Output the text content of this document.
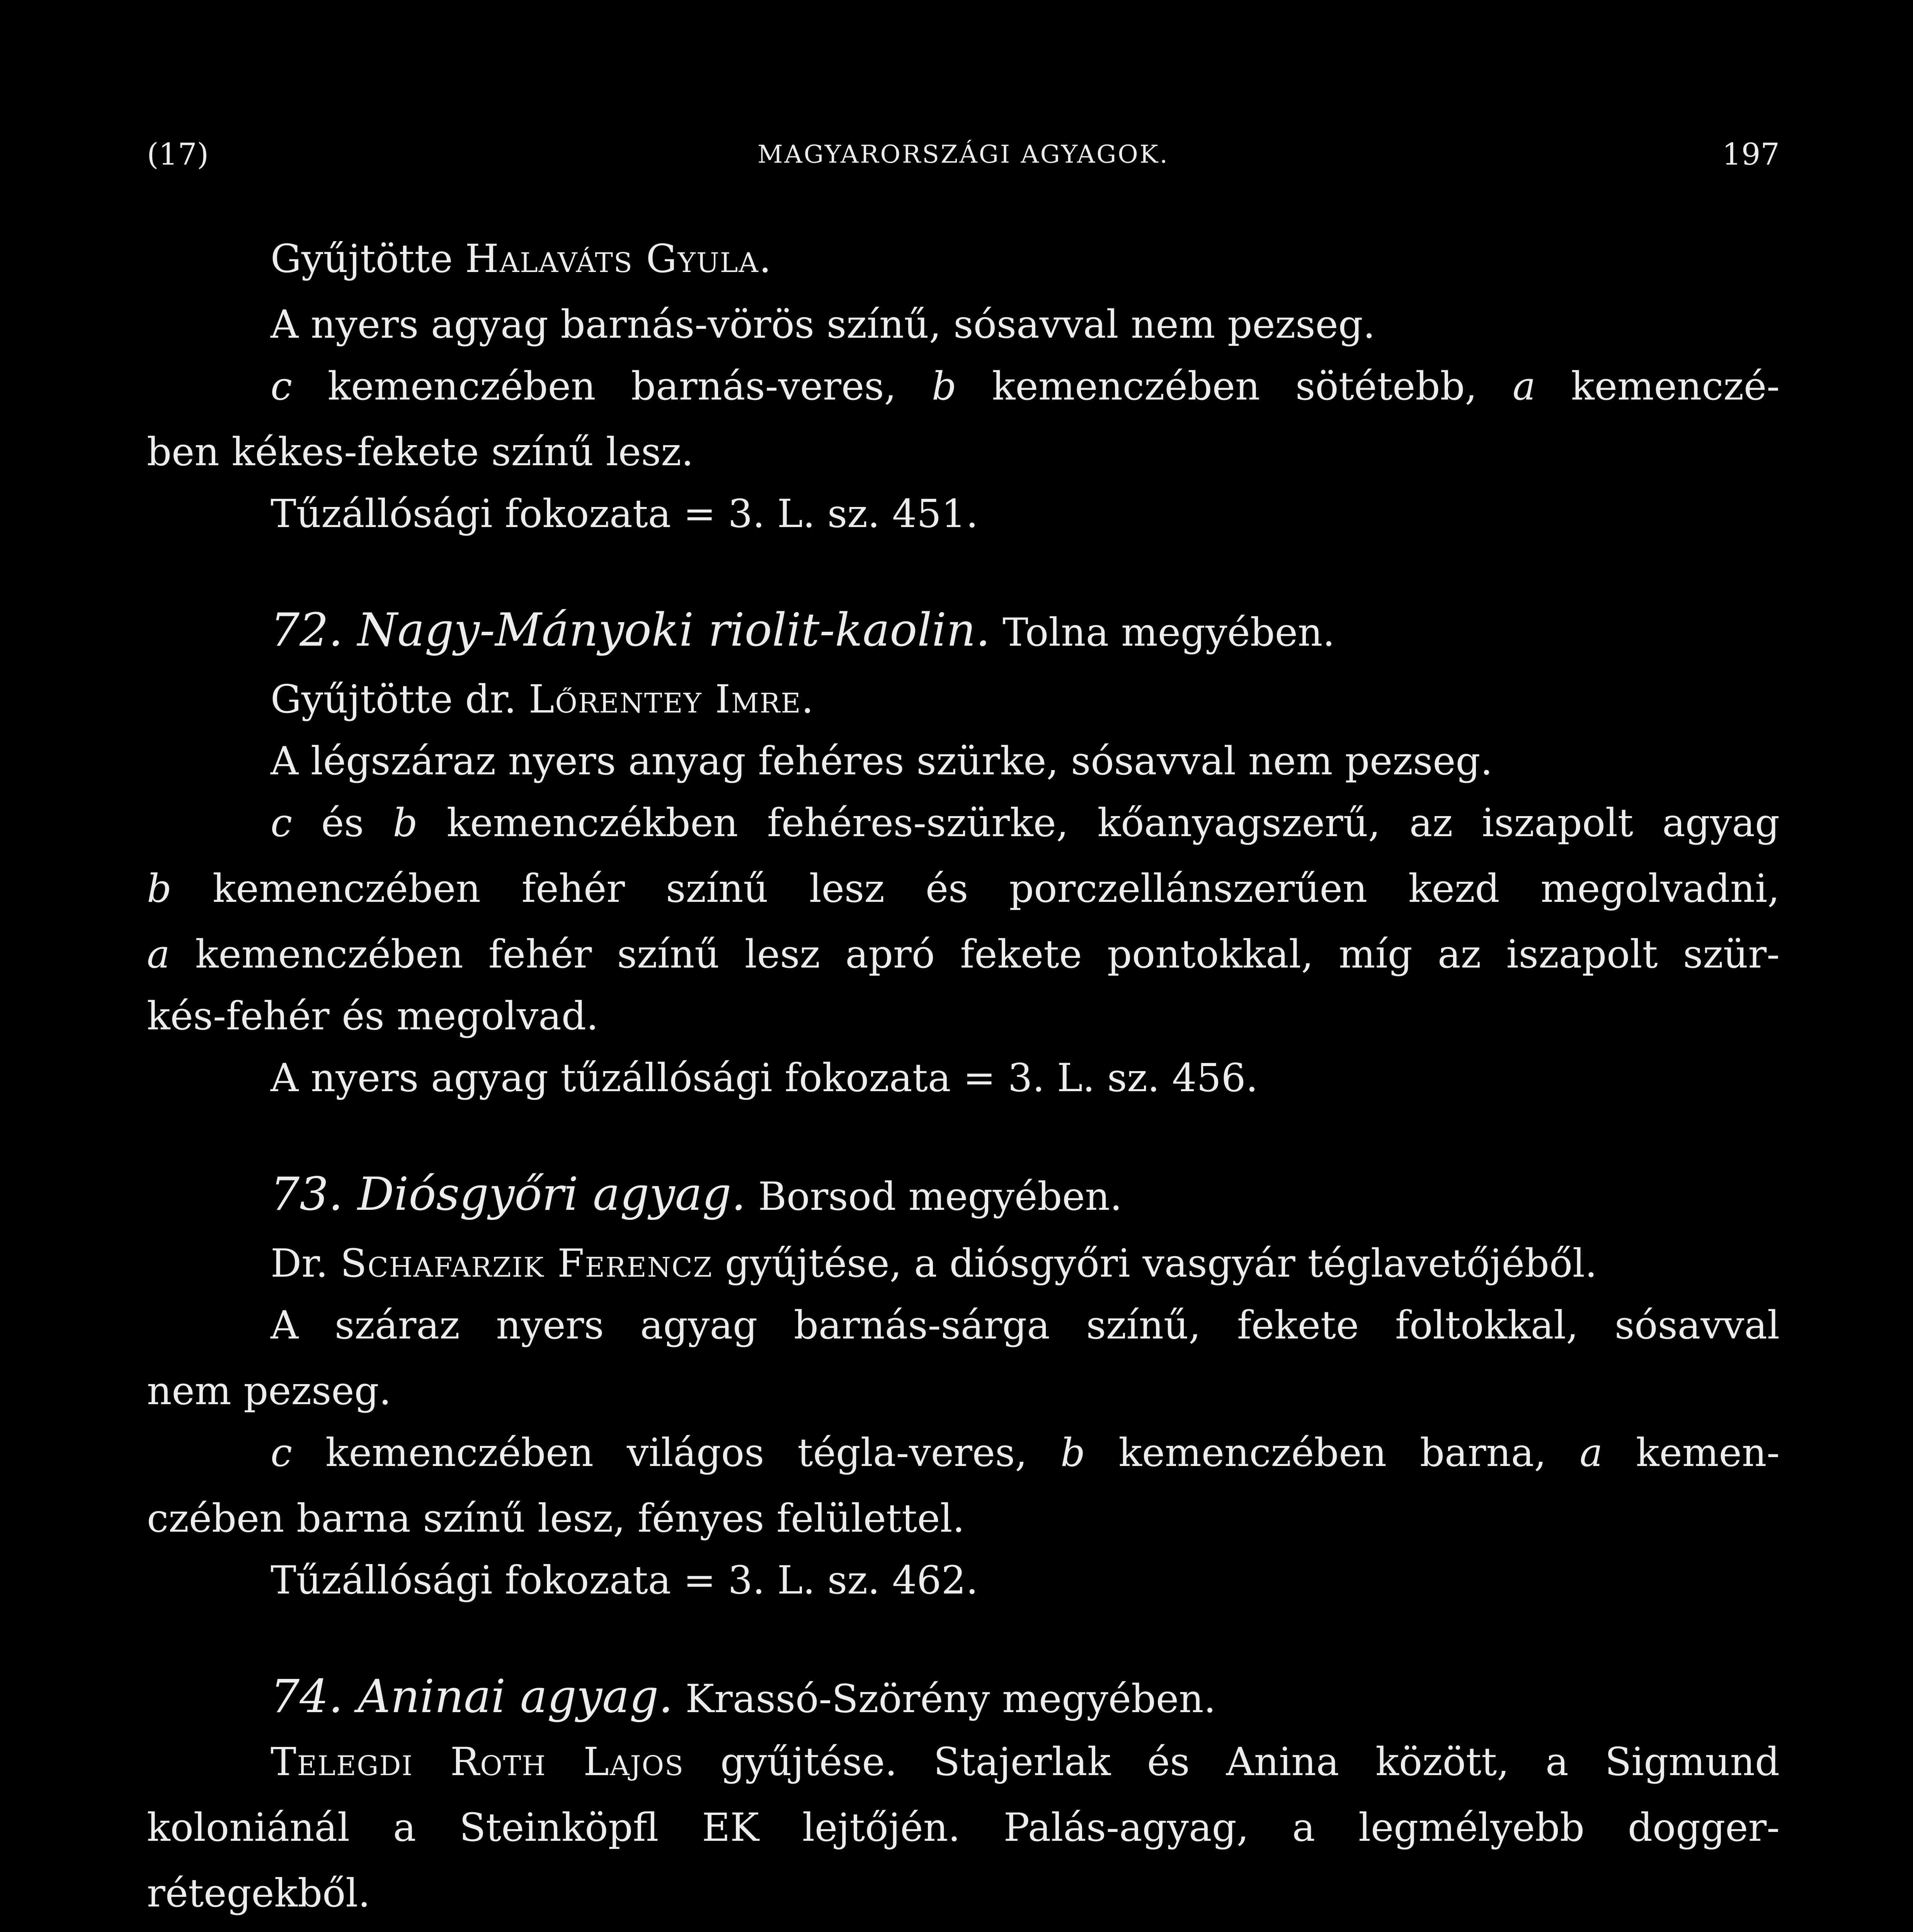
(17)	MAGYARORSZÁGI AGYAGOK.	197
Gyűjtötte Halaváts Gyula.
A nyers agyag barnás-vörös színű, sósavval nem pezseg.
c kemenczében barnás-veres, b kemenczében sötétebb, a kemenczé-
ben kékes-fekete színű lesz.
Tűzállósági fokozata = 3. L. sz. 451.
72. Nagy-Mányoki riolit-kaolin. Tolna megyében.
Gyűjtötte dr. Lőrentey Imre.
A légszáraz nyers anyag fehéres szürke, sósavval nem pezseg.
c és b kemenczékben fehéres-szürke, kőanyagszerű, az iszapolt agyag
b kemenczében fehér színű lesz és porczellánszerűen kezd megolvadni,
a kemenczében fehér színű lesz apró fekete pontokkal, míg az iszapolt szür-
kés-fehér és megolvad.
A nyers agyag tűzállósági fokozata = 3. L. sz. 456.
73. Diósgyőri agyag. Borsod megyében.
Dr. Schafarzik Ferencz gyűjtése, a diósgyőri vasgyár téglavetőjéből.
A száraz nyers agyag barnás-sárga színű, fekete foltokkal, sósavval
nem pezseg.
c kemenczében világos tégla-veres, b kemenczében barna, a kemen-
czében barna színű lesz, fényes felülettel.
Tűzállósági fokozata = 3. L. sz. 462.
74. Aninai agyag. Krassó-Szörény megyében.
Telegdi Roth Lajos gyűjtése. Stajerlak és Anina között, a Sigmund
koloniánál a Steinköpfl EK lejtőjén. Palás-agyag, a legmélyebb dogger-
rétegekből.
